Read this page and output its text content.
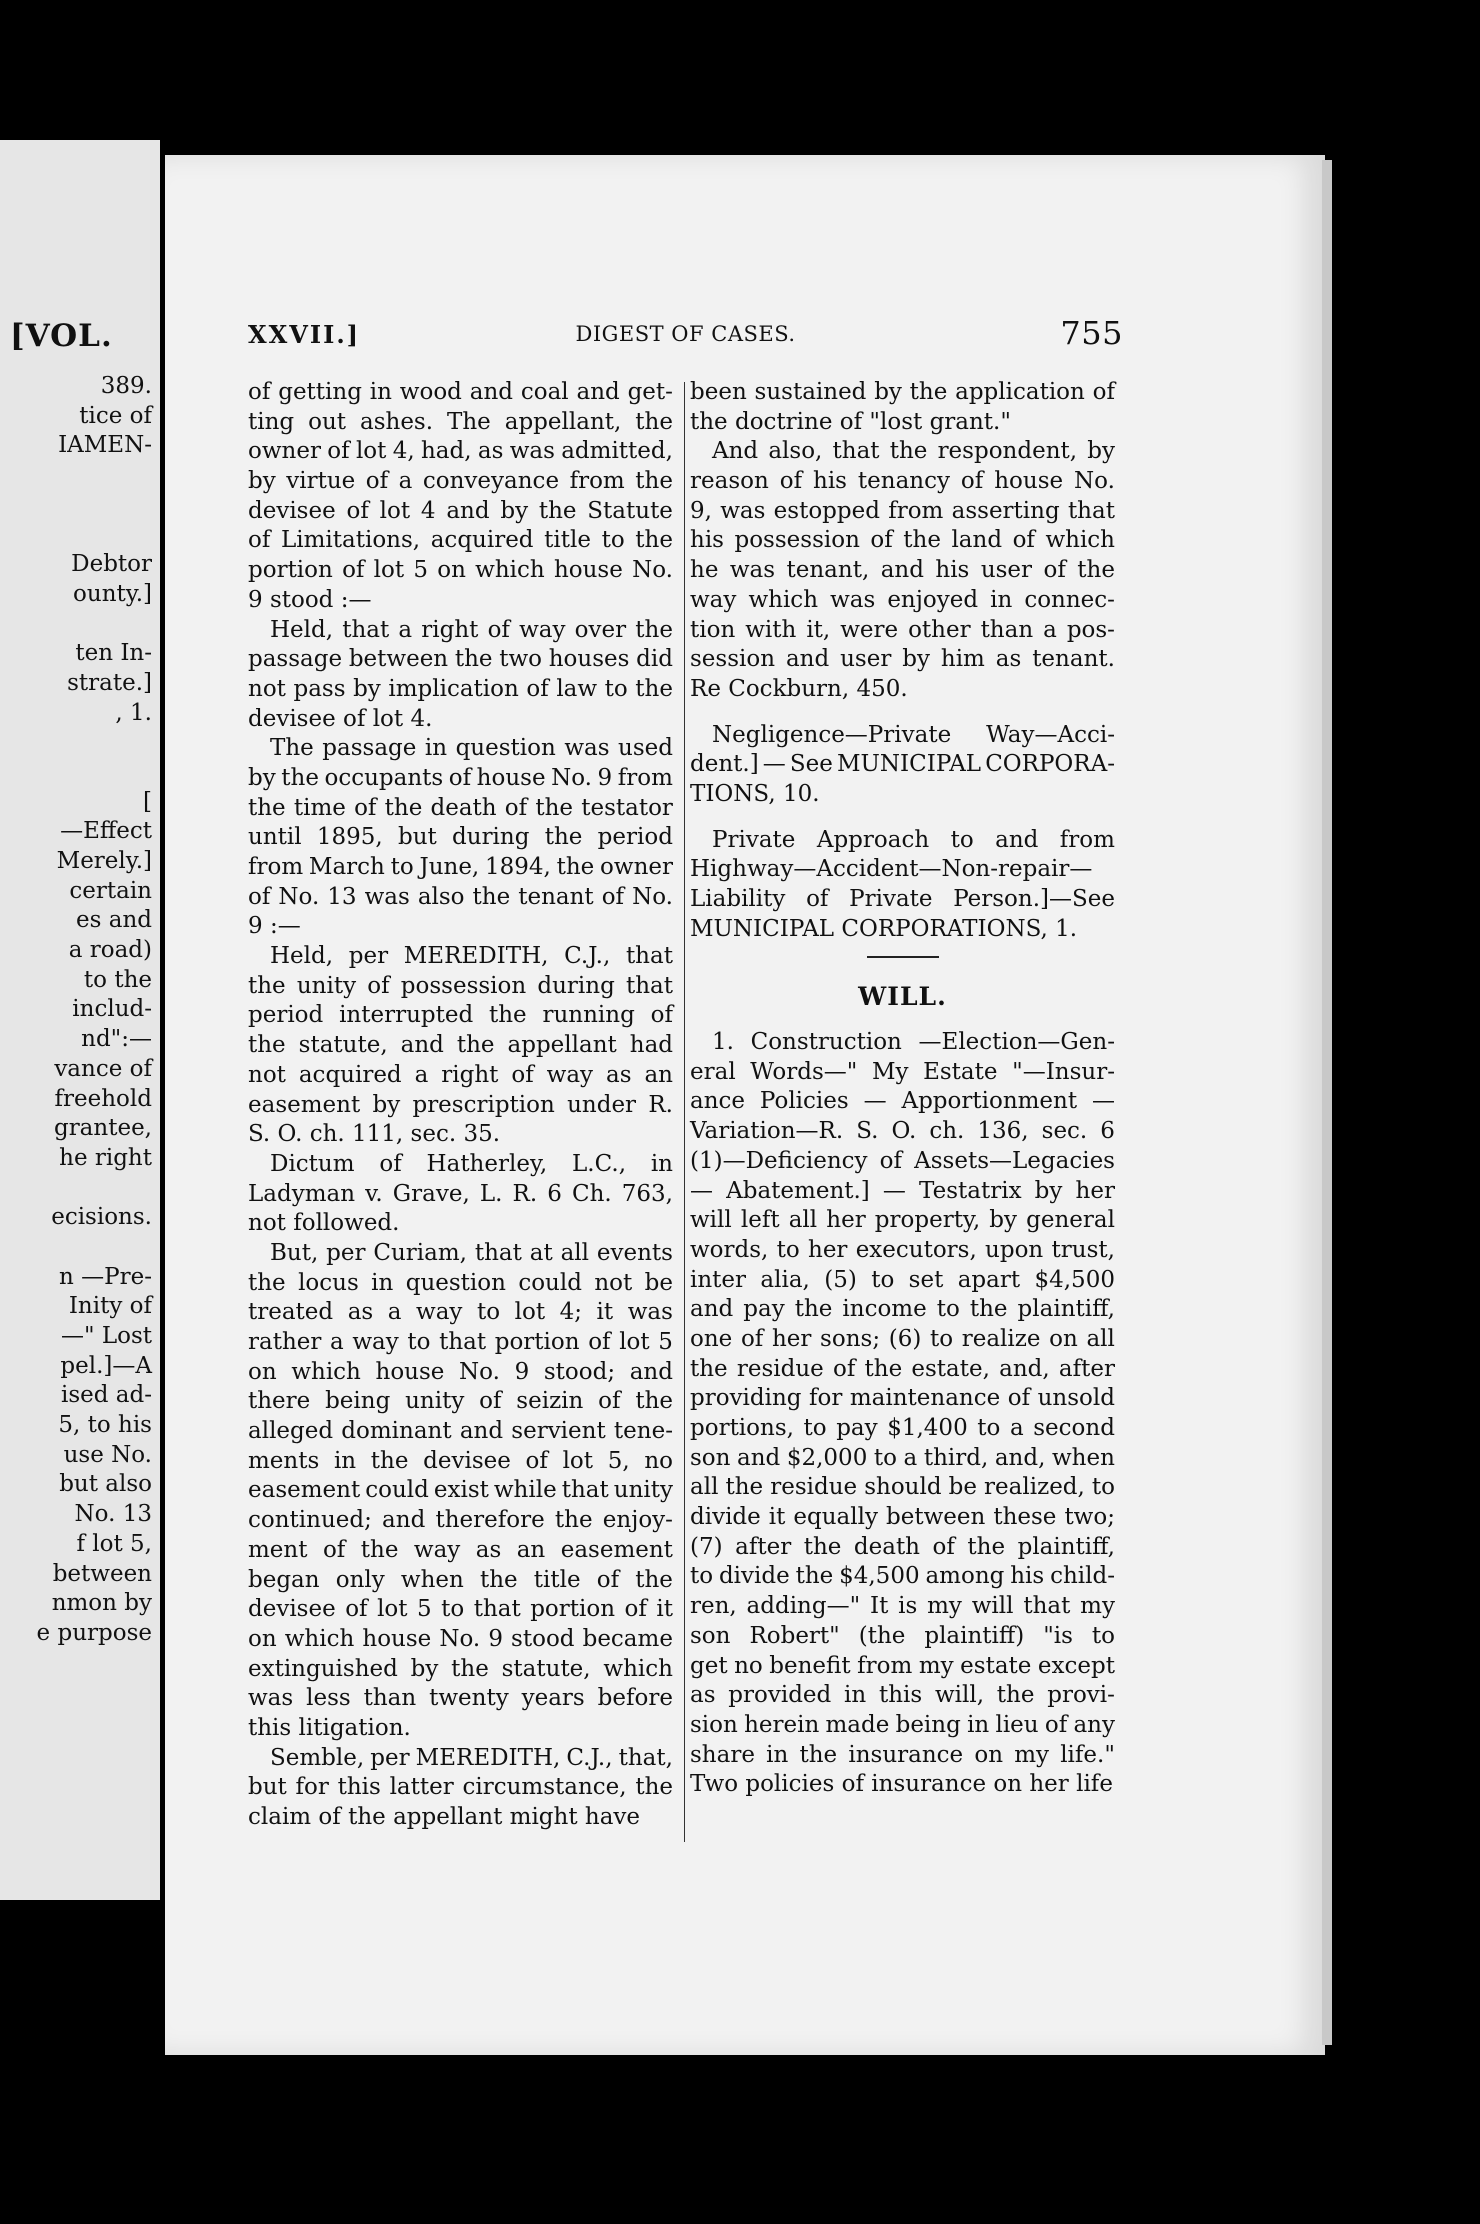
[VOL.
389.
tice of
IAMEN-
Debtor
ounty.]
ten In-
strate.]
, 1.
[
—Effect
Merely.]
certain
es and
a road)
to the
includ-
nd":—
vance of
freehold
grantee,
he right
ecisions.
n —Pre-
Inity of
—" Lost
pel.]—A
ised ad-
5, to his
use No.
but also
No. 13
f lot 5,
between
nmon by
e purpose
XXVII.]	DIGEST OF CASES.	755
of getting in wood and coal and get-
ting out ashes. The appellant, the
owner of lot 4, had, as was admitted,
by virtue of a conveyance from the
devisee of lot 4 and by the Statute
of Limitations, acquired title to the
portion of lot 5 on which house No.
9 stood :—
Held, that a right of way over the
passage between the two houses did
not pass by implication of law to the
devisee of lot 4.
The passage in question was used
by the occupants of house No. 9 from
the time of the death of the testator
until 1895, but during the period
from March to June, 1894, the owner
of No. 13 was also the tenant of No.
9 :—
Held, per MEREDITH, C.J., that
the unity of possession during that
period interrupted the running of
the statute, and the appellant had
not acquired a right of way as an
easement by prescription under R.
S. O. ch. 111, sec. 35.
Dictum of Hatherley, L.C., in
Ladyman v. Grave, L. R. 6 Ch. 763,
not followed.
But, per Curiam, that at all events
the locus in question could not be
treated as a way to lot 4; it was
rather a way to that portion of lot 5
on which house No. 9 stood; and
there being unity of seizin of the
alleged dominant and servient tene-
ments in the devisee of lot 5, no
easement could exist while that unity
continued; and therefore the enjoy-
ment of the way as an easement
began only when the title of the
devisee of lot 5 to that portion of it
on which house No. 9 stood became
extinguished by the statute, which
was less than twenty years before
this litigation.
Semble, per MEREDITH, C.J., that,
but for this latter circumstance, the
claim of the appellant might have
been sustained by the application of
the doctrine of "lost grant."
And also, that the respondent, by
reason of his tenancy of house No.
9, was estopped from asserting that
his possession of the land of which
he was tenant, and his user of the
way which was enjoyed in connec-
tion with it, were other than a pos-
session and user by him as tenant.
Re Cockburn, 450.
Negligence—Private Way—Acci-
dent.] — See MUNICIPAL CORPORA-
TIONS, 10.
Private Approach to and from
Highway—Accident—Non-repair—
Liability of Private Person.]—See
MUNICIPAL CORPORATIONS, 1.
WILL.
1. Construction —Election—Gen-
eral Words—" My Estate "—Insur-
ance Policies — Apportionment —
Variation—R. S. O. ch. 136, sec. 6
(1)—Deficiency of Assets—Legacies
— Abatement.] — Testatrix by her
will left all her property, by general
words, to her executors, upon trust,
inter alia, (5) to set apart $4,500
and pay the income to the plaintiff,
one of her sons; (6) to realize on all
the residue of the estate, and, after
providing for maintenance of unsold
portions, to pay $1,400 to a second
son and $2,000 to a third, and, when
all the residue should be realized, to
divide it equally between these two;
(7) after the death of the plaintiff,
to divide the $4,500 among his child-
ren, adding—" It is my will that my
son Robert" (the plaintiff) "is to
get no benefit from my estate except
as provided in this will, the provi-
sion herein made being in lieu of any
share in the insurance on my life."
Two policies of insurance on her life
